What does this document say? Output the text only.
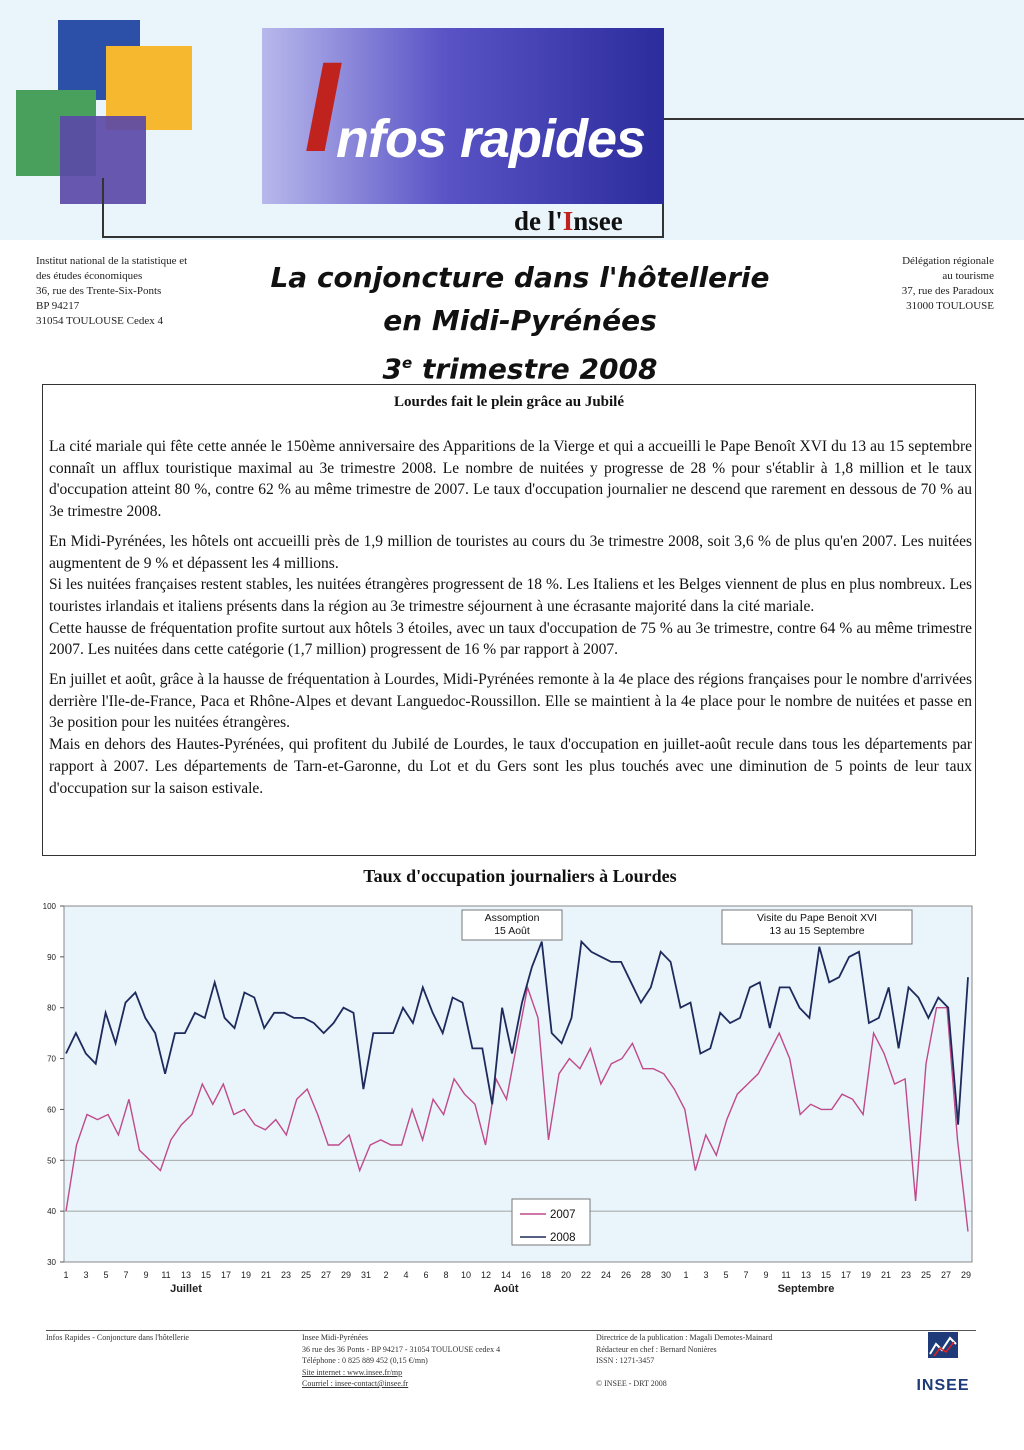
I
nfos rapides
de l'Insee
Institut national de la statistique et
des études économiques
36, rue des Trente-Six-Ponts
BP 94217
31054 TOULOUSE Cedex 4
Délégation régionale
au tourisme
37, rue des Paradoux
31000 TOULOUSE
La conjoncture dans l'hôtellerie
en Midi-Pyrénées
3e trimestre 2008
Lourdes fait le plein grâce au Jubilé

La cité mariale qui fête cette année le 150ème anniversaire des Apparitions de la Vierge et qui a accueilli le Pape Benoît XVI du 13 au 15 septembre connaît un afflux touristique maximal au 3e trimestre 2008. Le nombre de nuitées y progresse de 28 % pour s'établir à 1,8 million et le taux d'occupation atteint 80 %, contre 62 % au même trimestre de 2007. Le taux d'occupation journalier ne descend que rarement en dessous de 70 % au 3e trimestre 2008.

En Midi-Pyrénées, les hôtels ont accueilli près de 1,9 million de touristes au cours du 3e trimestre 2008, soit 3,6 % de plus qu'en 2007. Les nuitées augmentent de 9 % et dépassent les 4 millions.

Si les nuitées françaises restent stables, les nuitées étrangères progressent de 18 %. Les Italiens et les Belges viennent de plus en plus nombreux. Les touristes irlandais et italiens présents dans la région au 3e trimestre séjournent à une écrasante majorité dans la cité mariale.

Cette hausse de fréquentation profite surtout aux hôtels 3 étoiles, avec un taux d'occupation de 75 % au 3e trimestre, contre 64 % au même trimestre 2007. Les nuitées dans cette catégorie (1,7 million) progressent de 16 % par rapport à 2007.

En juillet et août, grâce à la hausse de fréquentation à Lourdes, Midi-Pyrénées remonte à la 4e place des régions françaises pour le nombre d'arrivées derrière l'Ile-de-France, Paca et Rhône-Alpes et devant Languedoc-Roussillon. Elle se maintient à la 4e place pour le nombre de nuitées et passe en 3e position pour les nuitées étrangères.

Mais en dehors des Hautes-Pyrénées, qui profitent du Jubilé de Lourdes, le taux d'occupation en juillet-août recule dans tous les départements par rapport à 2007. Les départements de Tarn-et-Garonne, du Lot et du Gers sont les plus touchés avec une diminution de 5 points de leur taux d'occupation sur la saison estivale.

Taux d'occupation journaliers à Lourdes
30
40
50
60
70
80
90
100
1 3 5 7 9 11 13 15 17 19 21 23 25 27 29 31 2 4 6 8 10 12 14 16 18 20 22 24 26 28 30 1 3 5 7 9 11 13 15 17 19 21 23 25 27 29
Juillet	Août	Septembre
Assomption
15 Août
Visite du Pape Benoit XVI
13 au 15 Septembre
2007
2008
Infos Rapides - Conjoncture dans l'hôtellerie	Insee Midi-Pyrénées
36 rue des 36 Ponts - BP 94217 - 31054 TOULOUSE cedex 4
Téléphone : 0 825 889 452 (0,15 €/mn)
Site internet : www.insee.fr/mp
Courriel : insee-contact@insee.fr
Directrice de la publication : Magali Demotes-Mainard
Rédacteur en chef : Bernard Nonières
ISSN : 1271-3457
© INSEE - DRT 2008	INSEE
